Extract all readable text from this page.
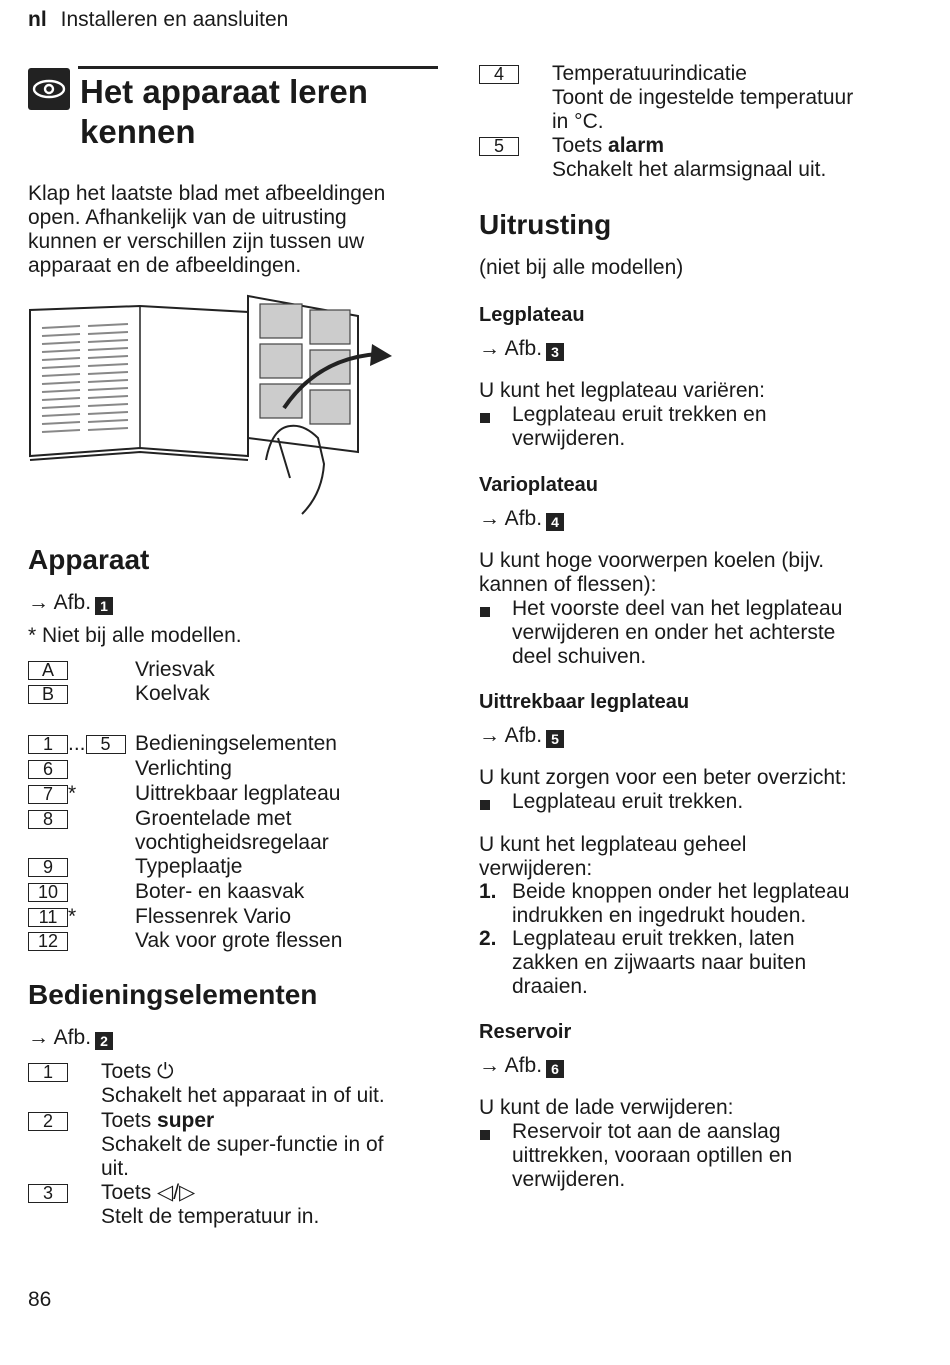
nl Installeren en aansluiten
Het apparaat leren
kennen
Klap het laatste blad met afbeeldingen
open. Afhankelijk van de uitrusting
kunnen er verschillen zijn tussen uw
apparaat en de afbeeldingen.
Apparaat
→ Afb. 1
* Niet bij alle modellen.
A	Vriesvak
B	Koelvak
1 ... 5	Bedieningselementen
6	Verlichting
7 *	Uittrekbaar legplateau
8	Groentelade met
vochtigheidsregelaar
9	Typeplaatje
10	Boter- en kaasvak
11 *	Flessenrek Vario
12	Vak voor grote flessen
Bedieningselementen
→ Afb. 2
1	Toets ⏻
Schakelt het apparaat in of uit.
2	Toets super
Schakelt de super-functie in of
uit.
3	Toets ◁/▷
Stelt de temperatuur in.
4	Temperatuurindicatie
Toont de ingestelde temperatuur
in °C.
5	Toets alarm
Schakelt het alarmsignaal uit.
Uitrusting
(niet bij alle modellen)
Legplateau
→ Afb. 3
U kunt het legplateau variëren:
Legplateau eruit trekken en
verwijderen.
Varioplateau
→ Afb. 4
U kunt hoge voorwerpen koelen (bijv.
kannen of flessen):
Het voorste deel van het legplateau
verwijderen en onder het achterste
deel schuiven.
Uittrekbaar legplateau
→ Afb. 5
U kunt zorgen voor een beter overzicht:
Legplateau eruit trekken.
U kunt het legplateau geheel
verwijderen:
1. Beide knoppen onder het legplateau
indrukken en ingedrukt houden.
2. Legplateau eruit trekken, laten
zakken en zijwaarts naar buiten
draaien.
Reservoir
→ Afb. 6
U kunt de lade verwijderen:
Reservoir tot aan de aanslag
uittrekken, vooraan optillen en
verwijderen.
86
